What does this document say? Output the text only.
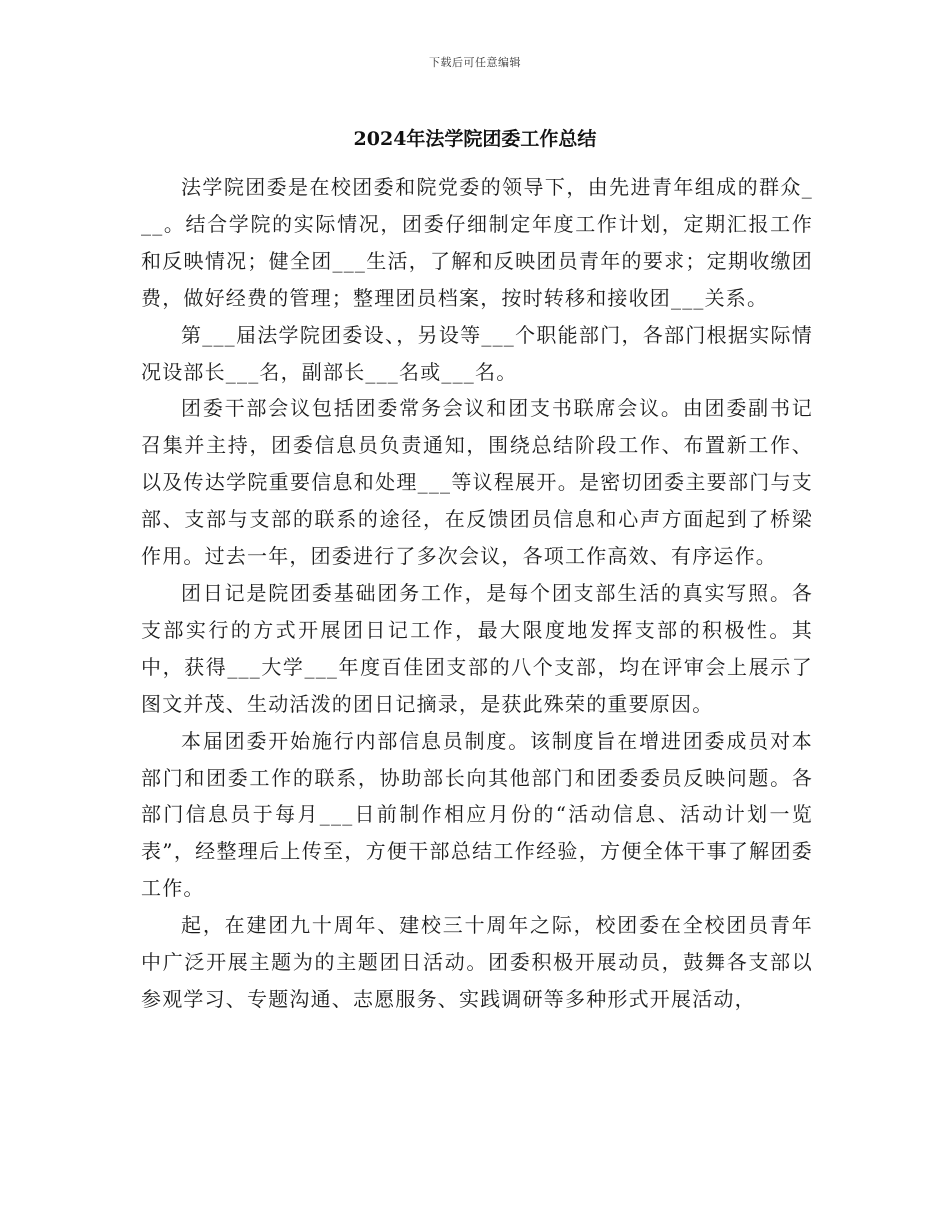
下载后可任意编辑
2024年法学院团委工作总结

法学院团委是在校团委和院党委的领导下，由先进青年组成的群众___。结合学院的实际情况，团委仔细制定年度工作计划，定期汇报工作和反映情况；健全团___生活，了解和反映团员青年的要求；定期收缴团费，做好经费的管理；整理团员档案，按时转移和接收团___关系。

第___届法学院团委设、，另设等___个职能部门，各部门根据实际情况设部长___名，副部长___名或___名。

团委干部会议包括团委常务会议和团支书联席会议。由团委副书记召集并主持，团委信息员负责通知，围绕总结阶段工作、布置新工作、以及传达学院重要信息和处理___等议程展开。是密切团委主要部门与支部、支部与支部的联系的途径，在反馈团员信息和心声方面起到了桥梁作用。过去一年，团委进行了多次会议，各项工作高效、有序运作。

团日记是院团委基础团务工作，是每个团支部生活的真实写照。各支部实行的方式开展团日记工作，最大限度地发挥支部的积极性。其中，获得___大学___年度百佳团支部的八个支部，均在评审会上展示了图文并茂、生动活泼的团日记摘录，是获此殊荣的重要原因。

本届团委开始施行内部信息员制度。该制度旨在增进团委成员对本部门和团委工作的联系，协助部长向其他部门和团委委员反映问题。各部门信息员于每月___日前制作相应月份的“活动信息、活动计划一览表”，经整理后上传至，方便干部总结工作经验，方便全体干事了解团委工作。

起，在建团九十周年、建校三十周年之际，校团委在全校团员青年中广泛开展主题为的主题团日活动。团委积极开展动员，鼓舞各支部以参观学习、专题沟通、志愿服务、实践调研等多种形式开展活动，
